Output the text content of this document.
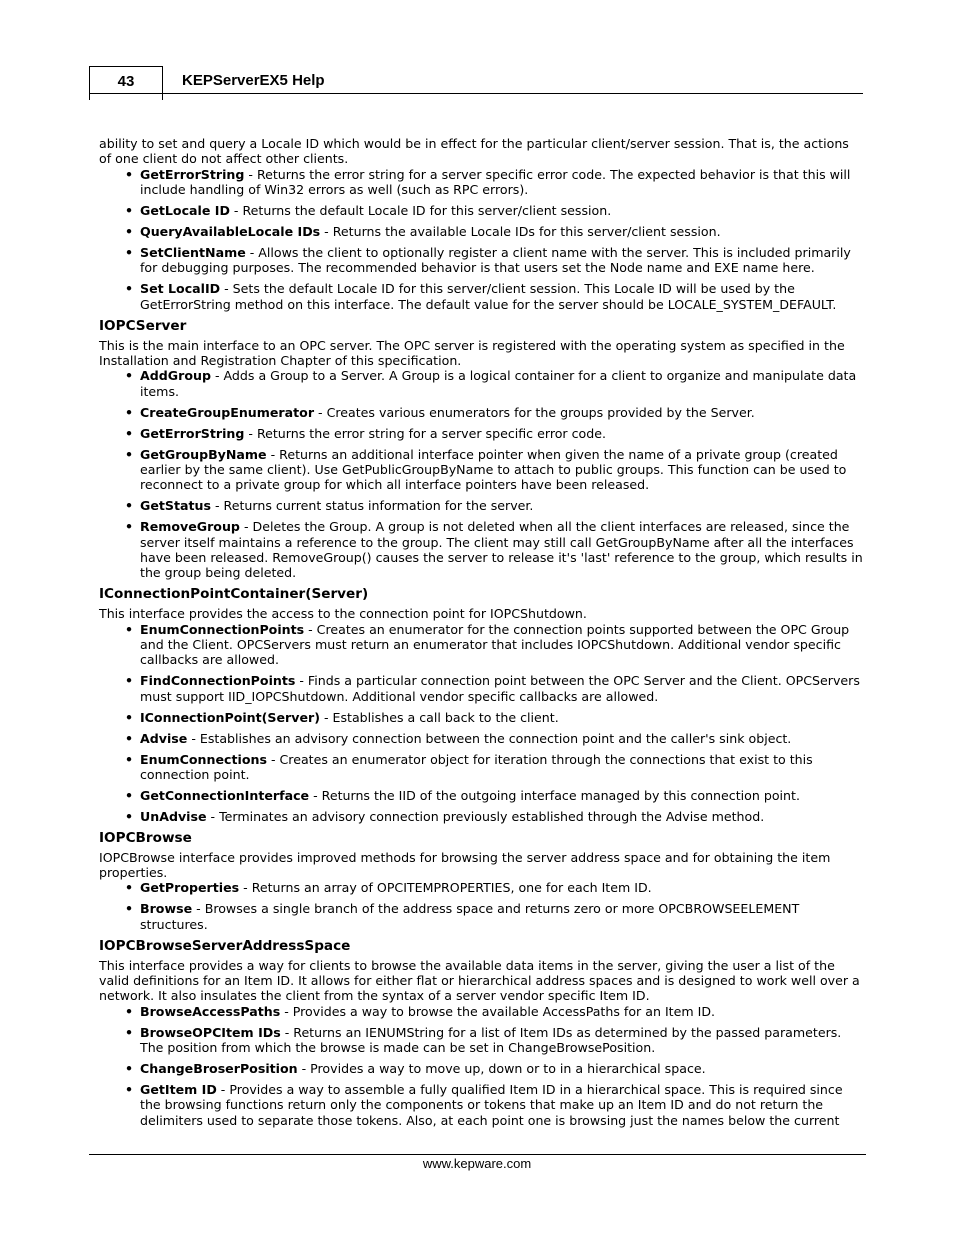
43	KEPServerEX5 Help

ability to set and query a Locale ID which would be in effect for the particular client/server session. That is, the actions of one client do not affect other clients.

• GetErrorString - Returns the error string for a server specific error code. The expected behavior is that this will include handling of Win32 errors as well (such as RPC errors).
• GetLocale ID - Returns the default Locale ID for this server/client session.
• QueryAvailableLocale IDs - Returns the available Locale IDs for this server/client session.
• SetClientName - Allows the client to optionally register a client name with the server. This is included primarily for debugging purposes. The recommended behavior is that users set the Node name and EXE name here.
• Set LocalID - Sets the default Locale ID for this server/client session. This Locale ID will be used by the GetErrorString method on this interface. The default value for the server should be LOCALE_SYSTEM_DEFAULT.
IOPCServer

This is the main interface to an OPC server. The OPC server is registered with the operating system as specified in the Installation and Registration Chapter of this specification.

• AddGroup - Adds a Group to a Server. A Group is a logical container for a client to organize and manipulate data items.
• CreateGroupEnumerator - Creates various enumerators for the groups provided by the Server.
• GetErrorString - Returns the error string for a server specific error code.
• GetGroupByName - Returns an additional interface pointer when given the name of a private group (created earlier by the same client). Use GetPublicGroupByName to attach to public groups. This function can be used to reconnect to a private group for which all interface pointers have been released.
• GetStatus - Returns current status information for the server.
• RemoveGroup - Deletes the Group. A group is not deleted when all the client interfaces are released, since the server itself maintains a reference to the group. The client may still call GetGroupByName after all the interfaces have been released. RemoveGroup() causes the server to release it's 'last' reference to the group, which results in the group being deleted.
IConnectionPointContainer(Server)

This interface provides the access to the connection point for IOPCShutdown.

• EnumConnectionPoints - Creates an enumerator for the connection points supported between the OPC Group and the Client. OPCServers must return an enumerator that includes IOPCShutdown. Additional vendor specific callbacks are allowed.
• FindConnectionPoints - Finds a particular connection point between the OPC Server and the Client. OPCServers must support IID_IOPCShutdown. Additional vendor specific callbacks are allowed.
• IConnectionPoint(Server) - Establishes a call back to the client.
• Advise - Establishes an advisory connection between the connection point and the caller's sink object.
• EnumConnections - Creates an enumerator object for iteration through the connections that exist to this connection point.
• GetConnectionInterface - Returns the IID of the outgoing interface managed by this connection point.
• UnAdvise - Terminates an advisory connection previously established through the Advise method.
IOPCBrowse

IOPCBrowse interface provides improved methods for browsing the server address space and for obtaining the item properties.

• GetProperties - Returns an array of OPCITEMPROPERTIES, one for each Item ID.
• Browse - Browses a single branch of the address space and returns zero or more OPCBROWSEELEMENT structures.
IOPCBrowseServerAddressSpace

This interface provides a way for clients to browse the available data items in the server, giving the user a list of the valid definitions for an Item ID. It allows for either flat or hierarchical address spaces and is designed to work well over a network. It also insulates the client from the syntax of a server vendor specific Item ID.

• BrowseAccessPaths - Provides a way to browse the available AccessPaths for an Item ID.
• BrowseOPCItem IDs - Returns an IENUMString for a list of Item IDs as determined by the passed parameters. The position from which the browse is made can be set in ChangeBrowsePosition.
• ChangeBroserPosition - Provides a way to move up, down or to in a hierarchical space.
• GetItem ID - Provides a way to assemble a fully qualified Item ID in a hierarchical space. This is required since the browsing functions return only the components or tokens that make up an Item ID and do not return the delimiters used to separate those tokens. Also, at each point one is browsing just the names below the current
www.kepware.com
